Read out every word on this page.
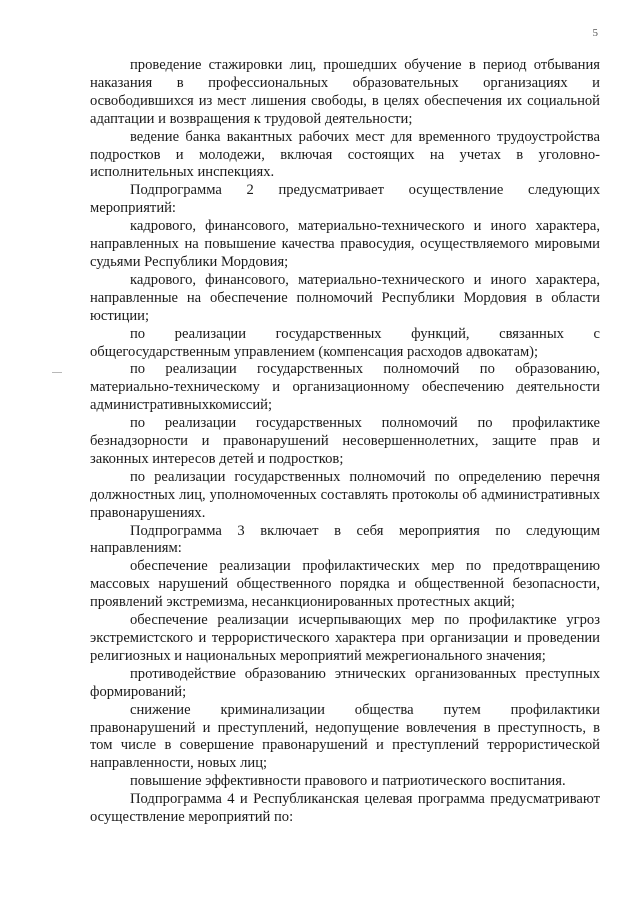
5

проведение стажировки лиц, прошедших обучение в период отбывания наказания в профессиональных образовательных организациях и освободившихся из мест лишения свободы, в целях обеспечения их социальной адаптации и возвращения к трудовой деятельности;

ведение банка вакантных рабочих мест для временного трудоустройства подростков и молодежи, включая состоящих на учетах в уголовно-исполнительных инспекциях.

Подпрограмма 2 предусматривает осуществление следующих мероприятий:

кадрового, финансового, материально-технического и иного характера, направленных на повышение качества правосудия, осуществляемого мировыми судьями Республики Мордовия;

кадрового, финансового, материально-технического и иного характера, направленные на обеспечение полномочий Республики Мордовия в области юстиции;

по реализации государственных функций, связанных с общегосударственным управлением (компенсация расходов адвокатам);

по реализации государственных полномочий по образованию, материально-техническому и организационному обеспечению деятельности административныхкомиссий;

по реализации государственных полномочий по профилактике безнадзорности и правонарушений несовершеннолетних, защите прав и законных интересов детей и подростков;

по реализации государственных полномочий по определению перечня должностных лиц, уполномоченных составлять протоколы об административных правонарушениях.

Подпрограмма 3 включает в себя мероприятия по следующим направлениям:

обеспечение реализации профилактических мер по предотвращению массовых нарушений общественного порядка и общественной безопасности, проявлений экстремизма, несанкционированных протестных акций;

обеспечение реализации исчерпывающих мер по профилактике угроз экстремистского и террористического характера при организации и проведении религиозных и национальных мероприятий межрегионального значения;

противодействие образованию этнических организованных преступных формирований;

снижение криминализации общества путем профилактики правонарушений и преступлений, недопущение вовлечения в преступность, в том числе в совершение правонарушений и преступлений террористической направленности, новых лиц;

повышение эффективности правового и патриотического воспитания.

Подпрограмма 4 и Республиканская целевая программа предусматривают осуществление мероприятий по:
